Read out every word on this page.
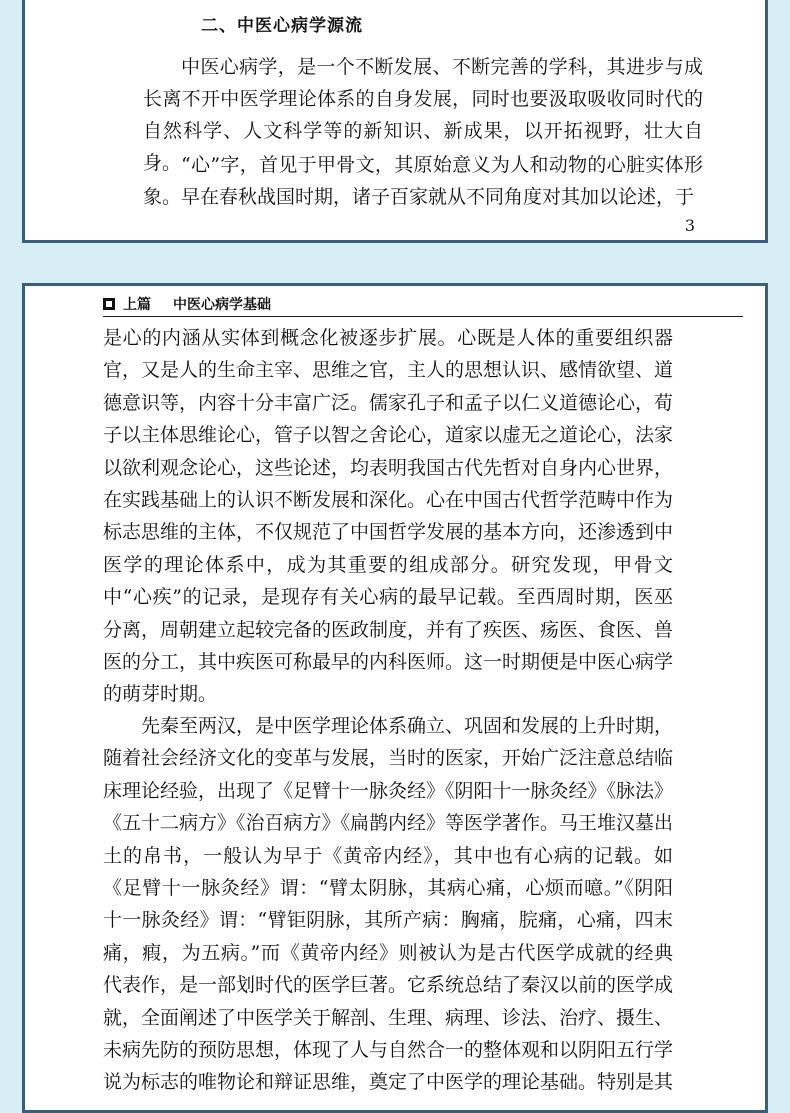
二、中医心病学源流

中医心病学，是一个不断发展、不断完善的学科，其进步与成长离不开中医学理论体系的自身发展，同时也要汲取吸收同时代的自然科学、人文科学等的新知识、新成果，以开拓视野，壮大自身。 “心”字，首见于甲骨文，其原始意义为人和动物的心脏实体形象。早在春秋战国时期，诸子百家就从不同角度对其加以论述，于

3
上篇 中医心病学基础

是心的内涵从实体到概念化被逐步扩展。心既是人体的重要组织器官，又是人的生命主宰、思维之官，主人的思想认识、感情欲望、道德意识等，内容十分丰富广泛。儒家孔子和孟子以仁义道德论心，荀子以主体思维论心，管子以智之舍论心，道家以虚无之道论心，法家以欲利观念论心，这些论述，均表明我国古代先哲对自身内心世界，在实践基础上的认识不断发展和深化。心在中国古代哲学范畴中作为标志思维的主体，不仅规范了中国哲学发展的基本方向，还渗透到中医学的理论体系中，成为其重要的组成部分。研究发现，甲骨文中“心疾”的记录，是现存有关心病的最早记载。至西周时期，医巫分离，周朝建立起较完备的医政制度，并有了疾医、疡医、食医、兽医的分工，其中疾医可称最早的内科医师。这一时期便是中医心病学的萌芽时期。

先秦至两汉，是中医学理论体系确立、巩固和发展的上升时期，随着社会经济文化的变革与发展，当时的医家，开始广泛注意总结临床理论经验，出现了《足臂十一脉灸经》《阴阳十一脉灸经》《脉法》《五十二病方》《治百病方》《扁鹊内经》等医学著作。马王堆汉墓出土的帛书，一般认为早于《黄帝内经》，其中也有心病的记载。如《足臂十一脉灸经》谓：“臂太阴脉，其病心痛，心烦而噫。”《阴阳十一脉灸经》谓：“臂钜阴脉，其所产病：胸痛，脘痛，心痛，四末痛，瘕，为五病。”而《黄帝内经》则被认为是古代医学成就的经典代表作，是一部划时代的医学巨著。它系统总结了秦汉以前的医学成就，全面阐述了中医学关于解剖、生理、病理、诊法、治疗、摄生、未病先防的预防思想，体现了人与自然合一的整体观和以阴阳五行学说为标志的唯物论和辩证思维，奠定了中医学的理论基础。特别是其
